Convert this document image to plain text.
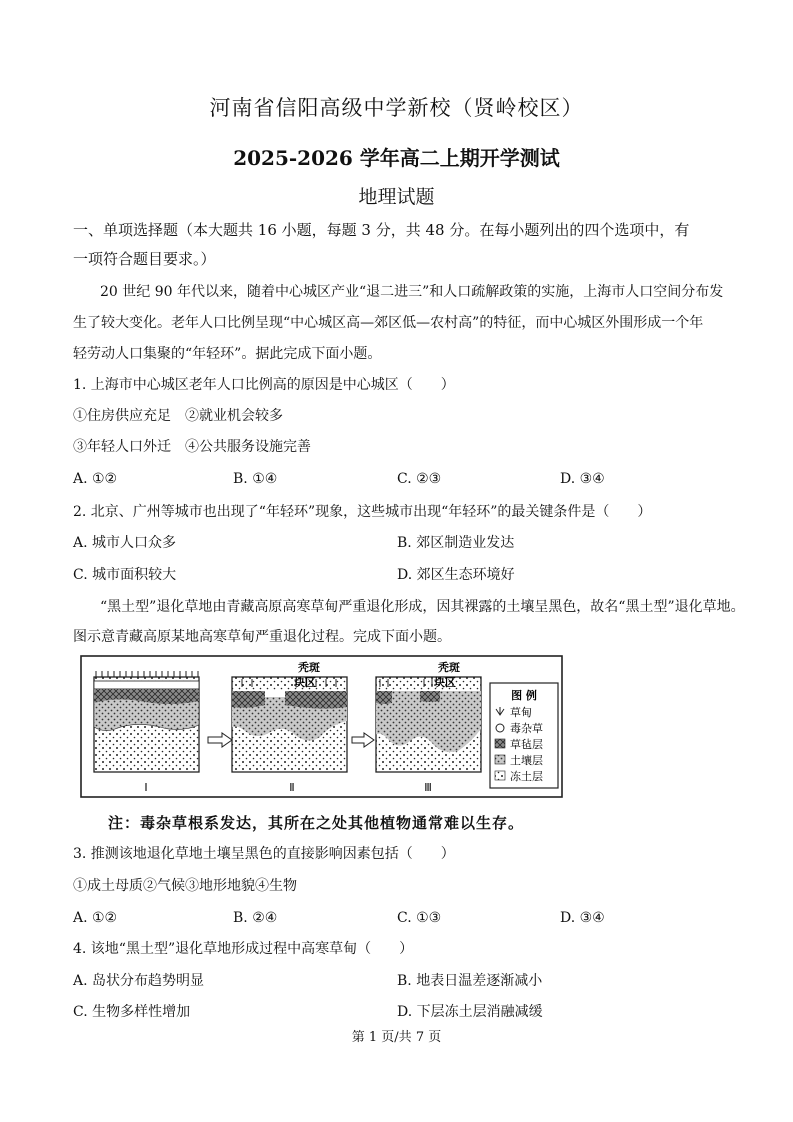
河南省信阳高级中学新校（贤岭校区）
2025-2026 学年高二上期开学测试
地理试题
一、单项选择题（本大题共 16 小题，每题 3 分，共 48 分。在每小题列出的四个选项中，有
一项符合题目要求。）
20 世纪 90 年代以来，随着中心城区产业“退二进三”和人口疏解政策的实施，上海市人口空间分布发
生了较大变化。老年人口比例呈现“中心城区高—郊区低—农村高”的特征，而中心城区外围形成一个年
轻劳动人口集聚的“年轻环”。据此完成下面小题。
1. 上海市中心城区老年人口比例高的原因是中心城区（　　）
①住房供应充足　②就业机会较多
③年轻人口外迁　④公共服务设施完善
A. ①②	B. ①④	C. ②③	D. ③④
2. 北京、广州等城市也出现了“年轻环”现象，这些城市出现“年轻环”的最关键条件是（　　）
A. 城市人口众多	B. 郊区制造业发达
C. 城市面积较大	D. 郊区生态环境好
“黑土型”退化草地由青藏高原高寒草甸严重退化形成，因其裸露的土壤呈黑色，故名“黑土型”退化草地。
图示意青藏高原某地高寒草甸严重退化过程。完成下面小题。
Ⅰ	Ⅱ
秃斑
块区
Ⅲ
秃斑
块区
图 例
草甸
毒杂草
草毡层
土壤层
冻土层
注：毒杂草根系发达，其所在之处其他植物通常难以生存。
3. 推测该地退化草地土壤呈黑色的直接影响因素包括（　　）
①成土母质②气候③地形地貌④生物
A. ①②	B. ②④	C. ①③	D. ③④
4. 该地“黑土型”退化草地形成过程中高寒草甸（　　）
A. 岛状分布趋势明显	B. 地表日温差逐渐减小
C. 生物多样性增加	D. 下层冻土层消融减缓
第 1 页/共 7 页
